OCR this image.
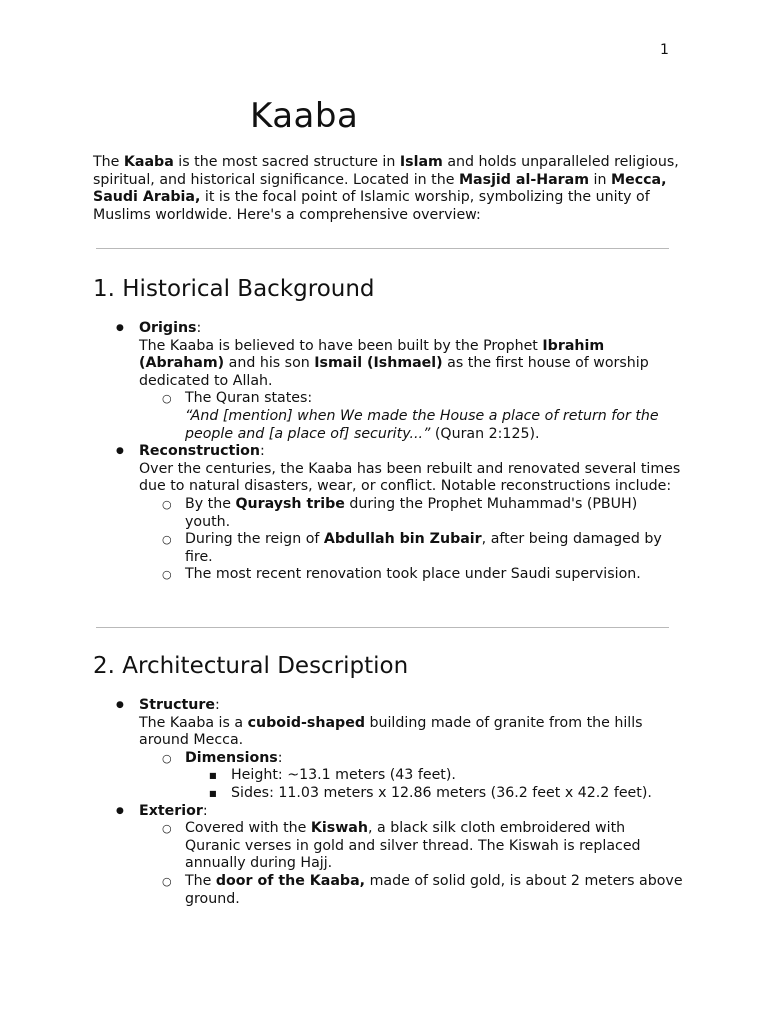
1
Kaaba

The Kaaba is the most sacred structure in Islam and holds unparalleled religious, spiritual, and historical significance. Located in the Masjid al-Haram in Mecca, Saudi Arabia, it is the focal point of Islamic worship, symbolizing the unity of Muslims worldwide. Here's a comprehensive overview:

1. Historical Background
● Origins:

The Kaaba is believed to have been built by the Prophet Ibrahim (Abraham) and his son Ismail (Ishmael) as the first house of worship dedicated to Allah.

○ The Quran states:

“And [mention] when We made the House a place of return for the people and [a place of] security...” (Quran 2:125).

● Reconstruction:

Over the centuries, the Kaaba has been rebuilt and renovated several times due to natural disasters, wear, or conflict. Notable reconstructions include:

○ By the Quraysh tribe during the Prophet Muhammad's (PBUH) youth.
○ During the reign of Abdullah bin Zubair, after being damaged by fire.
○ The most recent renovation took place under Saudi supervision.
2. Architectural Description
● Structure:

The Kaaba is a cuboid-shaped building made of granite from the hills around Mecca.

○ Dimensions:
■ Height: ~13.1 meters (43 feet).
■ Sides: 11.03 meters x 12.86 meters (36.2 feet x 42.2 feet).
● Exterior:
○ Covered with the Kiswah, a black silk cloth embroidered with Quranic verses in gold and silver thread. The Kiswah is replaced annually during Hajj.
○ The door of the Kaaba, made of solid gold, is about 2 meters above ground.
